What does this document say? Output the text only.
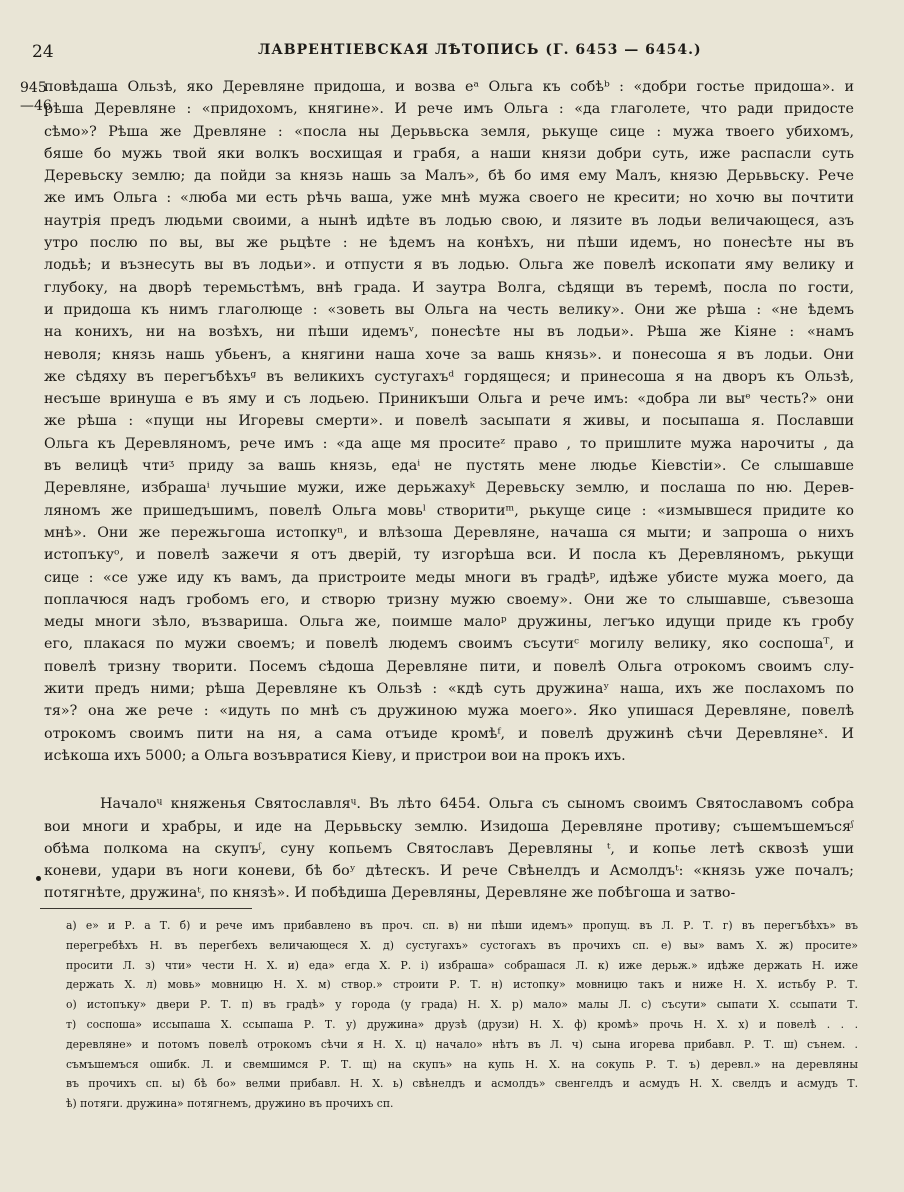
24	ЛАВРЕНТІЕВСКАЯ ЛѢТОПИСЬ (Г. 6453 — 6454.)
945
—46
повѣдаша Ользѣ, яко Деревляне придоша, и возва еᵃ Ольга къ собѣᵇ : «добри гостье придоша». и
рѣша Деревляне : «придохомъ, княгине». И рече имъ Ольга : «да глаголете, что ради придосте
сѣмо»? Рѣша же Древляне : «посла ны Дерьвьска земля, рькуще сице : мужа твоего убихомъ,
бяше бо мужь твой яки волкъ восхищая и грабя, а наши князи добри суть, иже распасли суть
Деревьску землю; да пойди за князь нашь за Малъ», бѣ бо имя ему Малъ, князю Дерьвьску. Рече
же имъ Ольга : «люба ми есть рѣчь ваша, уже мнѣ мужа своего не кресити; но хочю вы почтити
наутрія предъ людьми своими, а нынѣ идѣте въ лодью свою, и лязите въ лодьи величающеся, азъ
утро послю по вы, вы же рьцѣте : не ѣдемъ на конѣхъ, ни пѣши идемъ, но понесѣте ны въ
лодьѣ; и възнесуть вы въ лодьи». и отпусти я въ лодью. Ольга же повелѣ ископати яму велику и
глубоку, на дворѣ теремьстѣмъ, внѣ града. И заутра Волга, сѣдящи въ теремѣ, посла по гости,
и придоша къ нимъ глаголюще : «зоветь вы Ольга на честь велику». Они же рѣша : «не ѣдемъ
на конихъ, ни на возѣхъ, ни пѣши идемъᵛ, понесѣте ны въ лодьи». Рѣша же Кіяне : «намъ
неволя; князь нашь убьенъ, а княгини наша хоче за вашь князь». и понесоша я въ лодьи. Они
же сѣдяху въ перегъбѣхъᵍ въ великихъ сустугахъᵈ гордящеся; и принесоша я на дворъ къ Ользѣ,
несъше вринуша е въ яму и съ лодьею. Приникъши Ольга и рече имъ: «добра ли выᵉ честь?» они
же рѣша : «пущи ны Игоревы смерти». и повелѣ засыпати я живы, и посыпаша я. Пославши
Ольга къ Деревляномъ, рече имъ : «да аще мя проситеᶻ право , то пришлите мужа нарочиты , да
въ велицѣ чтиᶾ приду за вашь князь, едаⁱ не пустять мене людье Кіевстіи». Се слышавше
Деревляне, избрашаⁱ лучьшие мужи, иже дерьжахуᵏ Деревьску землю, и послаша по ню. Дерев-
ляномъ же пришедъшимъ, повелѣ Ольга мовьˡ створитиᵐ, рькуще сице : «измывшеся придите ко
мнѣ». Они же пережьгоша истопкуⁿ, и влѣзоша Деревляне, начаша ся мыти; и запроша о нихъ
истопъкуᵒ, и повелѣ зажечи я отъ дверій, ту изгорѣша вси. И посла къ Деревляномъ, рькущи
сице : «се уже иду къ вамъ, да пристроите меды многи въ градѣᵖ, идѣже убисте мужа моего, да
поплачюся надъ гробомъ его, и створю тризну мужю своему». Они же то слышавше, съвезоша
меды многи зѣло, възвариша. Ольга же, поимше малоᵖ дружины, легъко идущи приде къ гробу
его, плакася по мужи своемъ; и повелѣ людемъ своимъ съсутиᶜ могилу велику, яко соспошаᵀ, и
повелѣ тризну творити. Посемъ сѣдоша Деревляне пити, и повелѣ Ольга отрокомъ своимъ слу-
жити предъ ними; рѣша Деревляне къ Ользѣ : «кдѣ суть дружинаʸ наша, ихъ же послахомъ по
тя»? она же рече : «идуть по мнѣ съ дружиною мужа моего». Яко упишася Деревляне, повелѣ
отрокомъ своимъ пити на ня, а сама отъиде кромѣᶠ, и повелѣ дружинѣ сѣчи Деревлянеˣ. И
исѣкоша ихъ 5000; а Ольга возъвратися Кіеву, и пристрои вои на прокъ ихъ.
Началоᶣ княженья Святославляᶣ. Въ лѣто 6454. Ольга съ сыномъ своимъ Святославомъ собра
вои многи и храбры, и иде на Дерьвьску землю. Изидоша Деревляне противу; съшемъшемъсяᶴ
обѣма полкома на скупъᶴ, суну копьемъ Святославъ Деревляны ᵗ, и копье летѣ сквозѣ уши
коневи, удари въ ноги коневи, бѣ боʸ дѣтескъ. И рече Свѣнелдъ и Асмолдъᵗ: «князь уже почалъ;
потягнѣте, дружинаᵗ, по князѣ». И побѣдиша Деревляны, Деревляне же побѣгоша и затво-
a) е» и Р. а Т. б) и рече имъ прибавлено въ проч. сп. в) ни пѣши идемъ» пропущ. въ Л. Р. Т. г) въ перегъбѣхъ» въ
перегребѣхъ Н. въ перегбехъ величающеся Х. д) сустугахъ» сустогахъ въ прочихъ сп. е) вы» вамъ Х. ж) просите»
просити Л. з) чти» чести Н. Х. и) еда» егда Х. Р. і) избраша» собрашася Л. к) иже дерьж.» идѣже держать Н. иже
держать Х. л) мовь» мовницю Н. Х. м) створ.» строити Р. Т. н) истопку» мовницю такъ и ниже Н. Х. истьбу Р. Т.
о) истопъку» двери Р. Т. п) въ градѣ» у города (у града) Н. Х. р) мало» малы Л. с) съсути» сыпати Х. ссыпати Т.
т) соспоша» иссыпаша Х. ссыпаша Р. Т. у) дружина» друзѣ (друзи) Н. Х. ф) кромѣ» прочь Н. Х. х) и повелѣ . . .
деревляне» и потомъ повелѣ отрокомъ сѣчи я Н. Х. ц) начало» нѣтъ въ Л. ч) сына игорева прибавл. Р. Т. ш) сънем. .
съмъшемъся ошибк. Л. и свемшимся Р. Т. щ) на скупъ» на купь Н. Х. на сокупь Р. Т. ъ) деревл.» на деревляны
въ прочихъ сп. ы) бѣ бо» велми прибавл. Н. Х. ь) свѣнелдъ и асмолдъ» свенгелдъ и асмудъ Н. Х. свелдъ и асмудъ Т.
ѣ) потяги. дружина» потягнемъ, дружино въ прочихъ сп.
